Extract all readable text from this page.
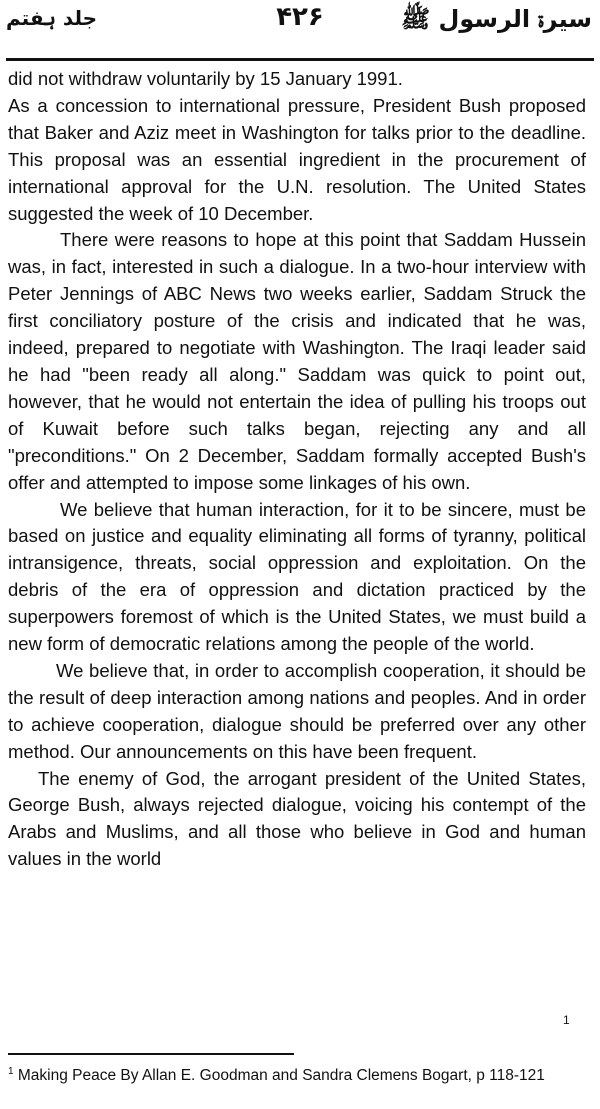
جلد ہفتم	۴۲۶	سیرۃ الرسول ﷺ

did not withdraw voluntarily by 15 January 1991.

As a concession to international pressure, President Bush proposed that Baker and Aziz meet in Washington for talks prior to the deadline. This proposal was an essential ingredient in the procurement of international approval for the U.N. resolution. The United States suggested the week of 10 December.

There were reasons to hope at this point that Saddam Hussein was, in fact, interested in such a dialogue. In a two-hour interview with Peter Jennings of ABC News two weeks earlier, Saddam Struck the first conciliatory posture of the crisis and indicated that he was, indeed, prepared to negotiate with Washington. The Iraqi leader said he had "been ready all along." Saddam was quick to point out, however, that he would not entertain the idea of pulling his troops out of Kuwait before such talks began, rejecting any and all "preconditions." On 2 December, Saddam formally accepted Bush's offer and attempted to impose some linkages of his own.

We believe that human interaction, for it to be sincere, must be based on justice and equality eliminating all forms of tyranny, political intransigence, threats, social oppression and exploitation. On the debris of the era of oppression and dictation practiced by the superpowers foremost of which is the United States, we must build a new form of democratic relations among the people of the world.

We believe that, in order to accomplish cooperation, it should be the result of deep interaction among nations and peoples. And in order to achieve cooperation, dialogue should be preferred over any other method. Our announcements on this have been frequent.

The enemy of God, the arrogant president of the United States, George Bush, always rejected dialogue, voicing his contempt of the Arabs and Muslims, and all those who believe in God and human values in the world

1
$^1$ Making Peace By Allan E. Goodman and Sandra Clemens Bogart, p 118-121
